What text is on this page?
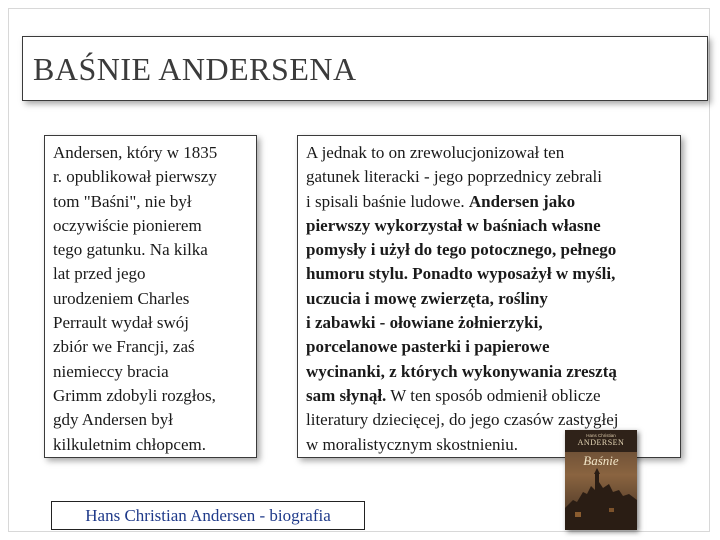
BAŚNIE ANDERSENA

Andersen, który w 1835
r. opublikował pierwszy
tom "Baśni", nie był
oczywiście pionierem
tego gatunku. Na kilka
lat przed jego
urodzeniem Charles
Perrault wydał swój
zbiór we Francji, zaś
niemieccy bracia
Grimm zdobyli rozgłos,
gdy Andersen był
kilkuletnim chłopcem.

A jednak to on zrewolucjonizował ten
gatunek literacki - jego poprzednicy zebrali
i spisali baśnie ludowe. Andersen jako
pierwszy wykorzystał w baśniach własne
pomysły i użył do tego potocznego, pełnego
humoru stylu. Ponadto wyposażył w myśli,
uczucia i mowę zwierzęta, rośliny
i zabawki - ołowiane żołnierzyki,
porcelanowe pasterki i papierowe
wycinanki, z których wykonywania zresztą
sam słynął. W ten sposób odmienił oblicze
literatury dziecięcej, do jego czasów zastygłej
w moralistycznym skostnieniu.	Hans Christian
ANDERSEN
Baśnie
Hans Christian Andersen - biografia
